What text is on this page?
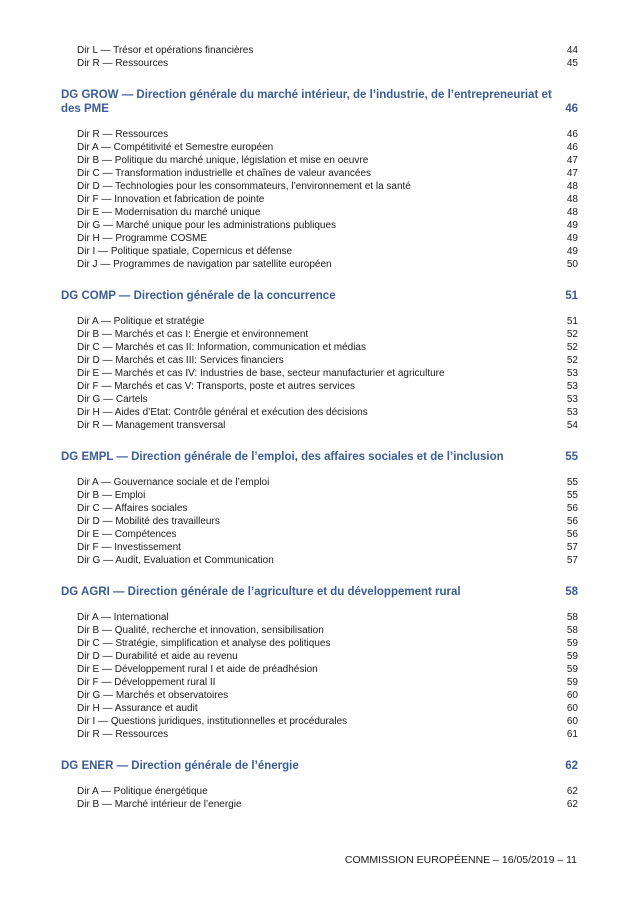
Dir L — Trésor et opérations financières	44
Dir R — Ressources	45
DG GROW — Direction générale du marché intérieur, de l’industrie, de l’entrepreneuriat et des PME	46
Dir R — Ressources	46
Dir A — Compétitivité et Semestre européen	46
Dir B — Politique du marché unique, législation et mise en oeuvre	47
Dir C — Transformation industrielle et chaînes de valeur avancées	47
Dir D — Technologies pour les consommateurs, l’environnement et la santé	48
Dir F — Innovation et fabrication de pointe	48
Dir E — Modernisation du marché unique	48
Dir G — Marché unique pour les administrations publiques	49
Dir H — Programme COSME	49
Dir I — Politique spatiale, Copernicus et défense	49
Dir J — Programmes de navigation par satellite européen	50
DG COMP — Direction générale de la concurrence	51
Dir A — Politique et stratégie	51
Dir B — Marchés et cas I: Énergie et environnement	52
Dir C — Marchés et cas II: Information, communication et médias	52
Dir D — Marchés et cas III: Services financiers	52
Dir E — Marchés et cas IV: Industries de base, secteur manufacturier et agriculture	53
Dir F — Marchés et cas V: Transports, poste et autres services	53
Dir G — Cartels	53
Dir H — Aides d’Etat: Contrôle général et exécution des décisions	53
Dir R — Management transversal	54
DG EMPL — Direction générale de l’emploi, des affaires sociales et de l’inclusion	55
Dir A — Gouvernance sociale et de l’emploi	55
Dir B — Emploi	55
Dir C — Affaires sociales	56
Dir D — Mobilité des travailleurs	56
Dir E — Compétences	56
Dir F — Investissement	57
Dir G — Audit, Evaluation et Communication	57
DG AGRI — Direction générale de l’agriculture et du développement rural	58
Dir A — International	58
Dir B — Qualité, recherche et innovation, sensibilisation	58
Dir C — Stratégie, simplification et analyse des politiques	59
Dir D — Durabilité et aide au revenu	59
Dir E — Développement rural I et aide de préadhésion	59
Dir F — Développement rural II	59
Dir G — Marchés et observatoires	60
Dir H — Assurance et audit	60
Dir I — Questions juridiques, institutionnelles et procédurales	60
Dir R — Ressources	61
DG ENER — Direction générale de l’énergie	62
Dir A — Politique énergétique	62
Dir B — Marché intérieur de l’energie	62
COMMISSION EUROPÉENNE – 16/05/2019 – 11
